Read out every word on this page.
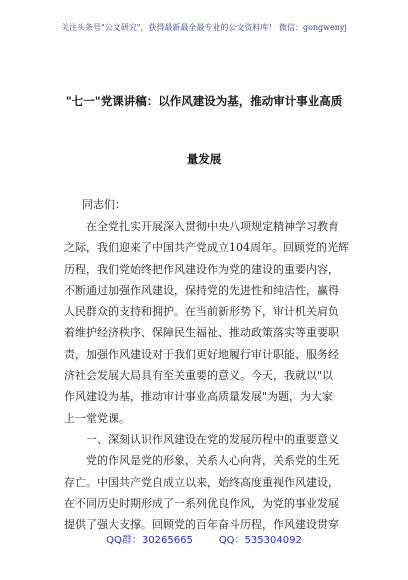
关注头条号"公文研究"，获得最新最全最专业的公文资料库！ 微信：gongwenyj
"七一"党课讲稿：以作风建设为基，推动审计事业高质
量发展
同志们：
在全党扎实开展深入贯彻中央八项规定精神学习教育
之际，我们迎来了中国共产党成立104周年。回顾党的光辉
历程，我们党始终把作风建设作为党的建设的重要内容，
不断通过加强作风建设，保持党的先进性和纯洁性，赢得
人民群众的支持和拥护。在当前新形势下，审计机关肩负
着维护经济秩序、保障民生福祉、推动政策落实等重要职
责，加强作风建设对于我们更好地履行审计职能、服务经
济社会发展大局具有至关重要的意义。今天，我就以"以
作风建设为基，推动审计事业高质量发展"为题，为大家
上一堂党课。
一、深刻认识作风建设在党的发展历程中的重要意义
党的作风是党的形象，关系人心向背，关系党的生死
存亡。中国共产党自成立以来，始终高度重视作风建设，
在不同历史时期形成了一系列优良作风，为党的事业发展
提供了强大支撑。回顾党的百年奋斗历程，作风建设贯穿
QQ群：30265665	QQ：535304092
